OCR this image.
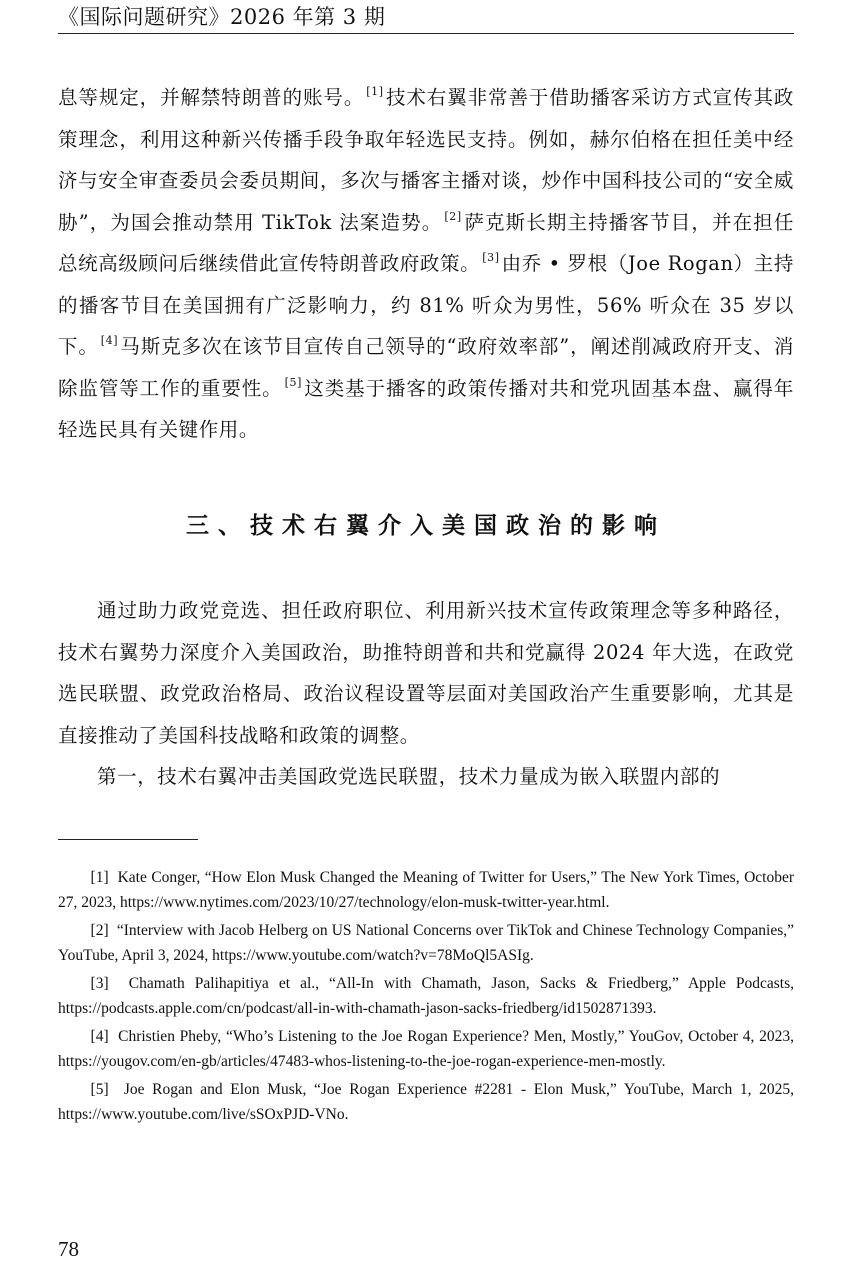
《国际问题研究》2026 年第 3 期

息等规定，并解禁特朗普的账号。 [1] 技术右翼非常善于借助播客采访方式宣传其政策理念，利用这种新兴传播手段争取年轻选民支持。例如，赫尔伯格在担任美中经济与安全审查委员会委员期间，多次与播客主播对谈，炒作中国科技公司的“安全威胁”，为国会推动禁用 TikTok 法案造势。 [2] 萨克斯长期主持播客节目，并在担任总统高级顾问后继续借此宣传特朗普政府政策。 [3] 由乔 • 罗根（Joe Rogan）主持的播客节目在美国拥有广泛影响力，约 81% 听众为男性，56% 听众在 35 岁以下。 [4] 马斯克多次在该节目宣传自己领导的“政府效率部”，阐述削减政府开支、消除监管等工作的重要性。 [5] 这类基于播客的政策传播对共和党巩固基本盘、赢得年轻选民具有关键作用。

三、技术右翼介入美国政治的影响

通过助力政党竞选、担任政府职位、利用新兴技术宣传政策理念等多种路径，技术右翼势力深度介入美国政治，助推特朗普和共和党赢得 2024 年大选，在政党选民联盟、政党政治格局、政治议程设置等层面对美国政治产生重要影响，尤其是直接推动了美国科技战略和政策的调整。

第一，技术右翼冲击美国政党选民联盟，技术力量成为嵌入联盟内部的

[1] Kate Conger, “How Elon Musk Changed the Meaning of Twitter for Users,” The New York Times, October 27, 2023, https://www.nytimes.com/2023/10/27/technology/elon-musk-twitter-year.html.

[2] “Interview with Jacob Helberg on US National Concerns over TikTok and Chinese Technology Companies,” YouTube, April 3, 2024, https://www.youtube.com/watch?v=78MoQl5ASIg.

[3] Chamath Palihapitiya et al., “All-In with Chamath, Jason, Sacks & Friedberg,” Apple Podcasts, https://podcasts.apple.com/cn/podcast/all-in-with-chamath-jason-sacks-friedberg/id1502871393.

[4] Christien Pheby, “Who’s Listening to the Joe Rogan Experience? Men, Mostly,” YouGov, October 4, 2023, https://yougov.com/en-gb/articles/47483-whos-listening-to-the-joe-rogan-experience-men-mostly.

[5] Joe Rogan and Elon Musk, “Joe Rogan Experience #2281 - Elon Musk,” YouTube, March 1, 2025, https://www.youtube.com/live/sSOxPJD-VNo.

78
